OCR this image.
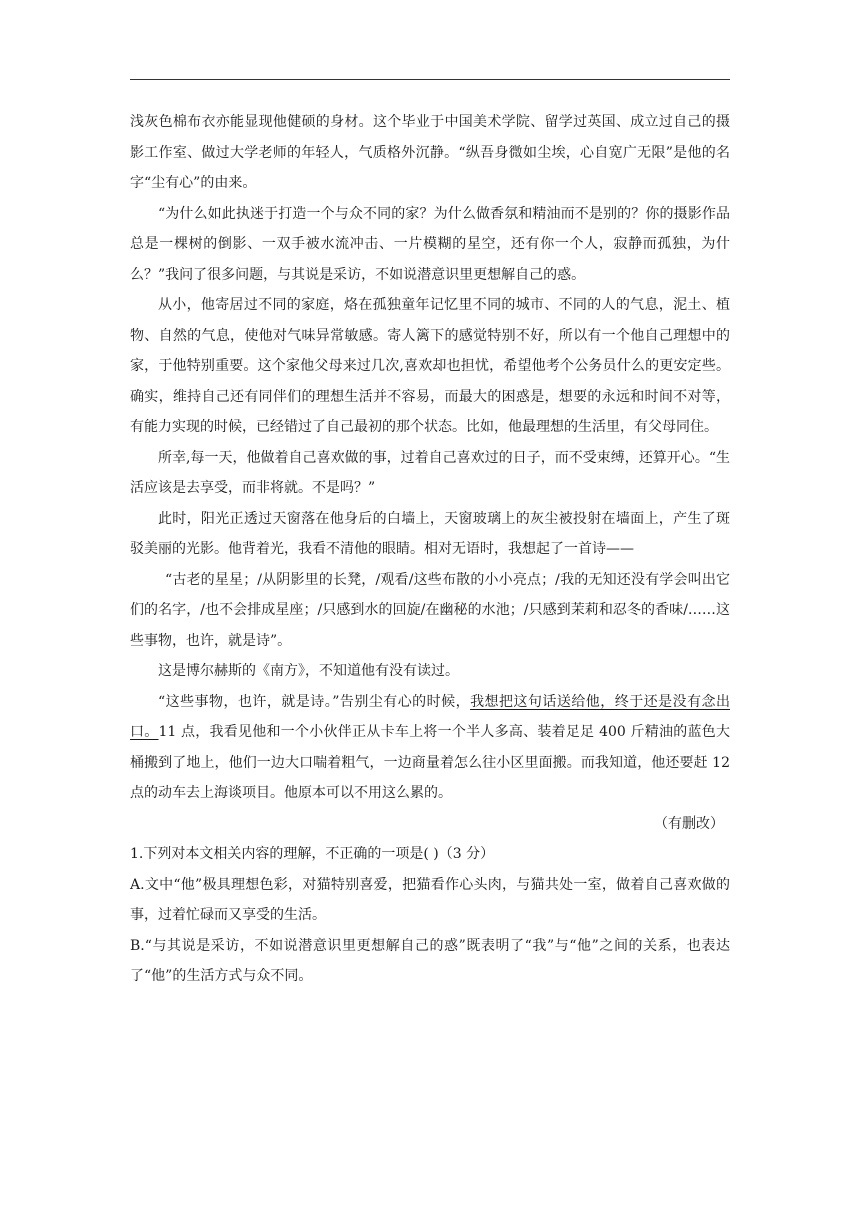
浅灰色棉布衣亦能显现他健硕的身材。这个毕业于中国美术学院、留学过英国、成立过自己的摄影工作室、做过大学老师的年轻人，气质格外沉静。“纵吾身微如尘埃，心自宽广无限”是他的名字“尘有心”的由来。

“为什么如此执迷于打造一个与众不同的家？为什么做香氛和精油而不是别的？你的摄影作品总是一棵树的倒影、一双手被水流冲击、一片模糊的星空，还有你一个人，寂静而孤独，为什么？”我问了很多问题，与其说是采访，不如说潜意识里更想解自己的惑。

从小，他寄居过不同的家庭，烙在孤独童年记忆里不同的城市、不同的人的气息，泥土、植物、自然的气息，使他对气味异常敏感。寄人篱下的感觉特别不好，所以有一个他自己理想中的家，于他特别重要。这个家他父母来过几次,喜欢却也担忧，希望他考个公务员什么的更安定些。确实，维持自己还有同伴们的理想生活并不容易，而最大的困惑是，想要的永远和时间不对等，有能力实现的时候，已经错过了自己最初的那个状态。比如，他最理想的生活里，有父母同住。

所幸,每一天，他做着自己喜欢做的事，过着自己喜欢过的日子，而不受束缚，还算开心。“生活应该是去享受，而非将就。不是吗？”

此时，阳光正透过天窗落在他身后的白墙上，天窗玻璃上的灰尘被投射在墙面上，产生了斑驳美丽的光影。他背着光，我看不清他的眼睛。相对无语时，我想起了一首诗——

“古老的星星；/从阴影里的长凳，/观看/这些布散的小小亮点；/我的无知还没有学会叫出它们的名字，/也不会排成星座；/只感到水的回旋/在幽秘的水池；/只感到茉莉和忍冬的香味/……这些事物，也许，就是诗”。

这是博尔赫斯的《南方》，不知道他有没有读过。

“这些事物，也许，就是诗。”告别尘有心的时候，我想把这句话送给他，终于还是没有念出口。11 点，我看见他和一个小伙伴正从卡车上将一个半人多高、装着足足 400 斤精油的蓝色大桶搬到了地上，他们一边大口喘着粗气，一边商量着怎么往小区里面搬。而我知道，他还要赶 12 点的动车去上海谈项目。他原本可以不用这么累的。

（有删改）

1.下列对本文相关内容的理解，不正确的一项是( )（3 分）

A.文中“他”极具理想色彩，对猫特别喜爱，把猫看作心头肉，与猫共处一室，做着自己喜欢做的事，过着忙碌而又享受的生活。

B.“与其说是采访，不如说潜意识里更想解自己的惑”既表明了“我”与“他”之间的关系，也表达了“他”的生活方式与众不同。
